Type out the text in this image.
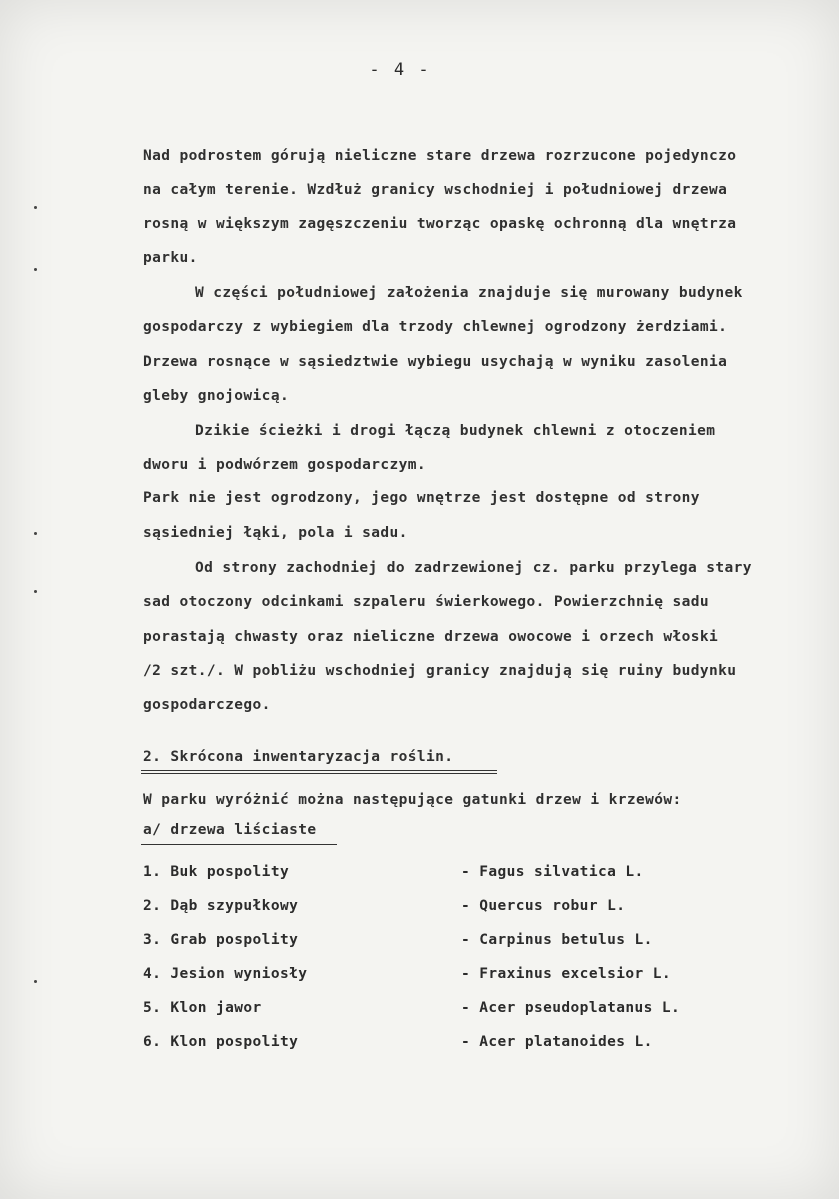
- 4 -
Nad podrostem górują nieliczne stare drzewa rozrzucone pojedynczo
na całym terenie. Wzdłuż granicy wschodniej i południowej drzewa
rosną w większym zagęszczeniu tworząc opaskę ochronną dla wnętrza
parku.
W części południowej założenia znajduje się murowany budynek
gospodarczy z wybiegiem dla trzody chlewnej ogrodzony żerdziami.
Drzewa rosnące w sąsiedztwie wybiegu usychają w wyniku zasolenia
gleby gnojowicą.
Dzikie ścieżki i drogi łączą budynek chlewni z otoczeniem
dworu i podwórzem gospodarczym.
Park nie jest ogrodzony, jego wnętrze jest dostępne od strony
sąsiedniej łąki, pola i sadu.
Od strony zachodniej do zadrzewionej cz. parku przylega stary
sad otoczony odcinkami szpaleru świerkowego. Powierzchnię sadu
porastają chwasty oraz nieliczne drzewa owocowe i orzech włoski
/2 szt./. W pobliżu wschodniej granicy znajdują się ruiny budynku
gospodarczego.
2. Skrócona inwentaryzacja roślin.
W parku wyróżnić można następujące gatunki drzew i krzewów:
a/ drzewa liściaste
1. Buk pospolity	- Fagus silvatica L.
2. Dąb szypułkowy	- Quercus robur L.
3. Grab pospolity	- Carpinus betulus L.
4. Jesion wyniosły	- Fraxinus excelsior L.
5. Klon jawor	- Acer pseudoplatanus L.
6. Klon pospolity	- Acer platanoides L.
